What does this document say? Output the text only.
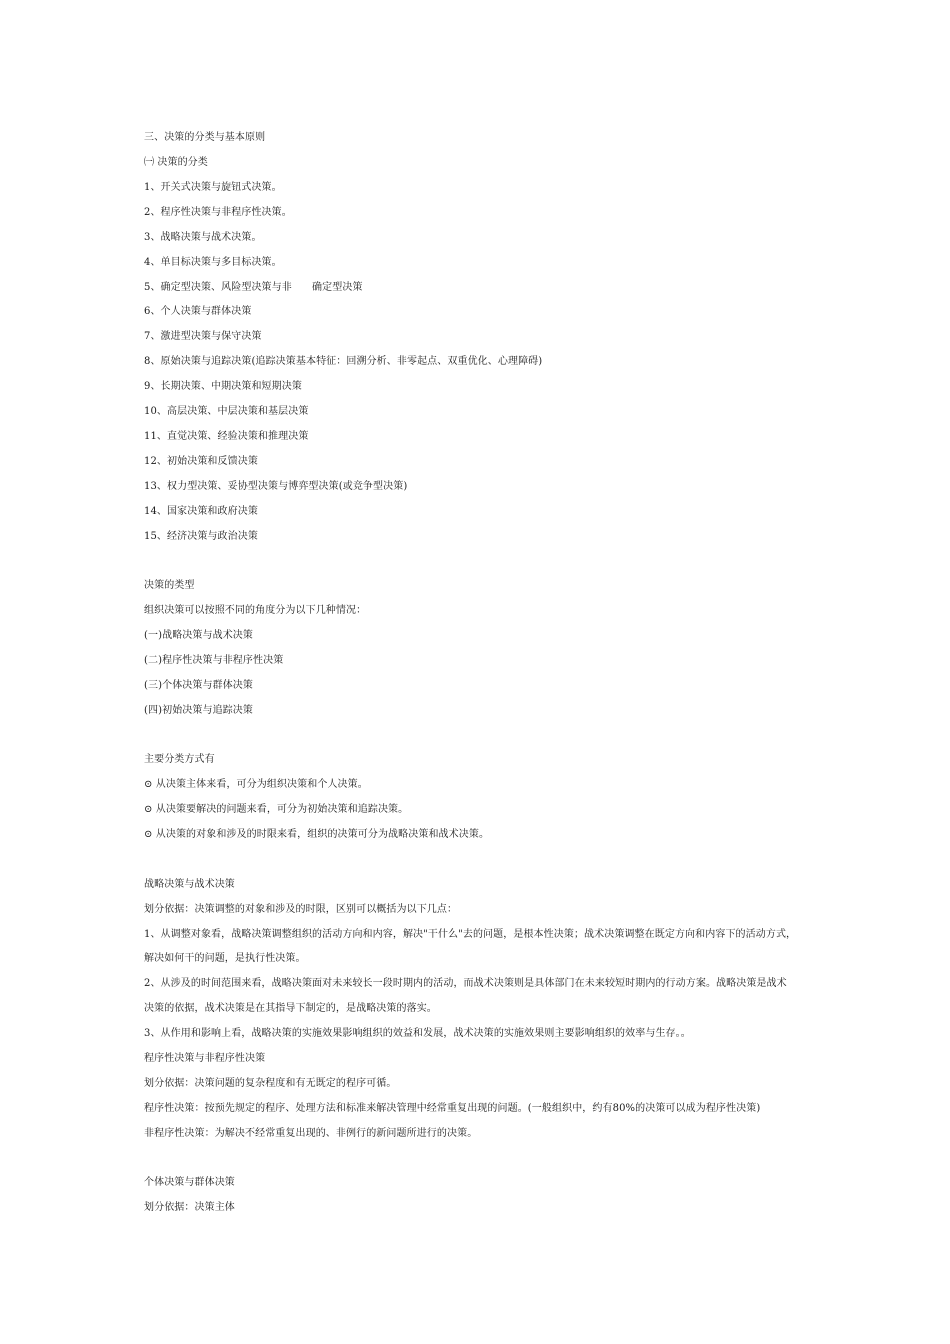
三、决策的分类与基本原则
㈠ 决策的分类
1、开关式决策与旋钮式决策。
2、程序性决策与非程序性决策。
3、战略决策与战术决策。
4、单目标决策与多目标决策。
5、确定型决策、风险型决策与非　　确定型决策
6、个人决策与群体决策
7、激进型决策与保守决策
8、原始决策与追踪决策(追踪决策基本特征：回溯分析、非零起点、双重优化、心理障碍)
9、长期决策、中期决策和短期决策
10、高层决策、中层决策和基层决策
11、直觉决策、经验决策和推理决策
12、初始决策和反馈决策
13、权力型决策、妥协型决策与博弈型决策(或竞争型决策)
14、国家决策和政府决策
15、经济决策与政治决策
决策的类型
组织决策可以按照不同的角度分为以下几种情况：
(一)战略决策与战术决策
(二)程序性决策与非程序性决策
(三)个体决策与群体决策
(四)初始决策与追踪决策
主要分类方式有
⊙ 从决策主体来看，可分为组织决策和个人决策。
⊙ 从决策要解决的问题来看，可分为初始决策和追踪决策。
⊙ 从决策的对象和涉及的时限来看，组织的决策可分为战略决策和战术决策。
战略决策与战术决策
划分依据：决策调整的对象和涉及的时限，区别可以概括为以下几点：
1、从调整对象看，战略决策调整组织的活动方向和内容，解决"干什么"去的问题，是根本性决策；战术决策调整在既定方向和内容下的活动方式，
解决如何干的问题，是执行性决策。
2、从涉及的时间范围来看，战略决策面对未来较长一段时期内的活动，而战术决策则是具体部门在未来较短时期内的行动方案。战略决策是战术
决策的依据，战术决策是在其指导下制定的，是战略决策的落实。
3、从作用和影响上看，战略决策的实施效果影响组织的效益和发展，战术决策的实施效果则主要影响组织的效率与生存。。
程序性决策与非程序性决策
划分依据：决策问题的复杂程度和有无既定的程序可循。
程序性决策：按预先规定的程序、处理方法和标准来解决管理中经常重复出现的问题。(一般组织中，约有80%的决策可以成为程序性决策)
非程序性决策：为解决不经常重复出现的、非例行的新问题所进行的决策。
个体决策与群体决策
划分依据：决策主体
